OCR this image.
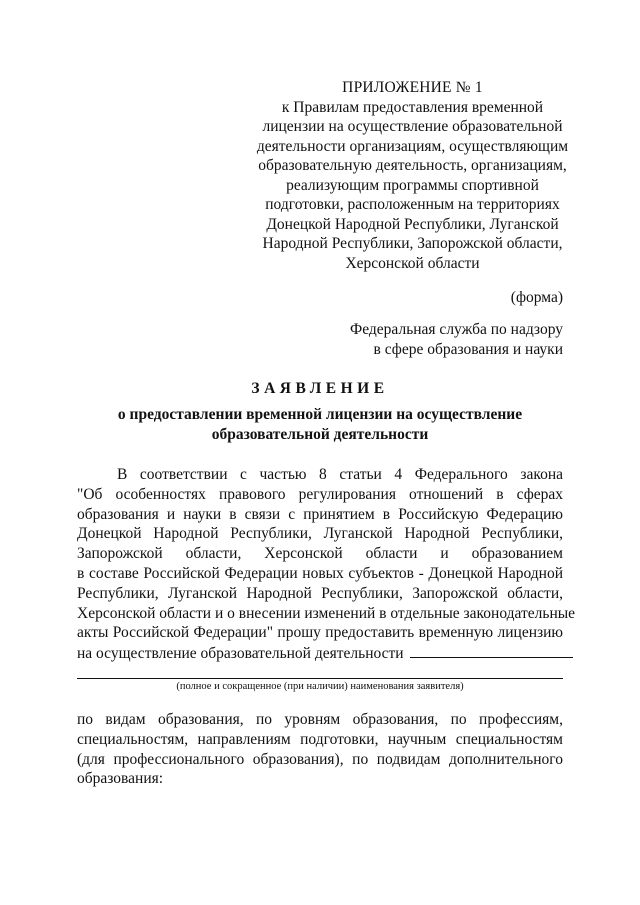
ПРИЛОЖЕНИЕ № 1
к Правилам предоставления временной
лицензии на осуществление образовательной
деятельности организациям, осуществляющим
образовательную деятельность, организациям,
реализующим программы спортивной
подготовки, расположенным на территориях
Донецкой Народной Республики, Луганской
Народной Республики, Запорожской области,
Херсонской области
(форма)
Федеральная служба по надзору
в сфере образования и науки
ЗАЯВЛЕНИЕ
о предоставлении временной лицензии на осуществление
образовательной деятельности
В соответствии с частью 8 статьи 4 Федерального закона
"Об особенностях правового регулирования отношений в сферах
образования и науки в связи с принятием в Российскую Федерацию
Донецкой Народной Республики, Луганской Народной Республики,
Запорожской области, Херсонской области и образованием
в составе Российской Федерации новых субъектов - Донецкой Народной
Республики, Луганской Народной Республики, Запорожской области,
Херсонской области и о внесении изменений в отдельные законодательные
акты Российской Федерации" прошу предоставить временную лицензию
на осуществление образовательной деятельности
(полное и сокращенное (при наличии) наименования заявителя)
по видам образования, по уровням образования, по профессиям,
специальностям, направлениям подготовки, научным специальностям
(для профессионального образования), по подвидам дополнительного
образования:
